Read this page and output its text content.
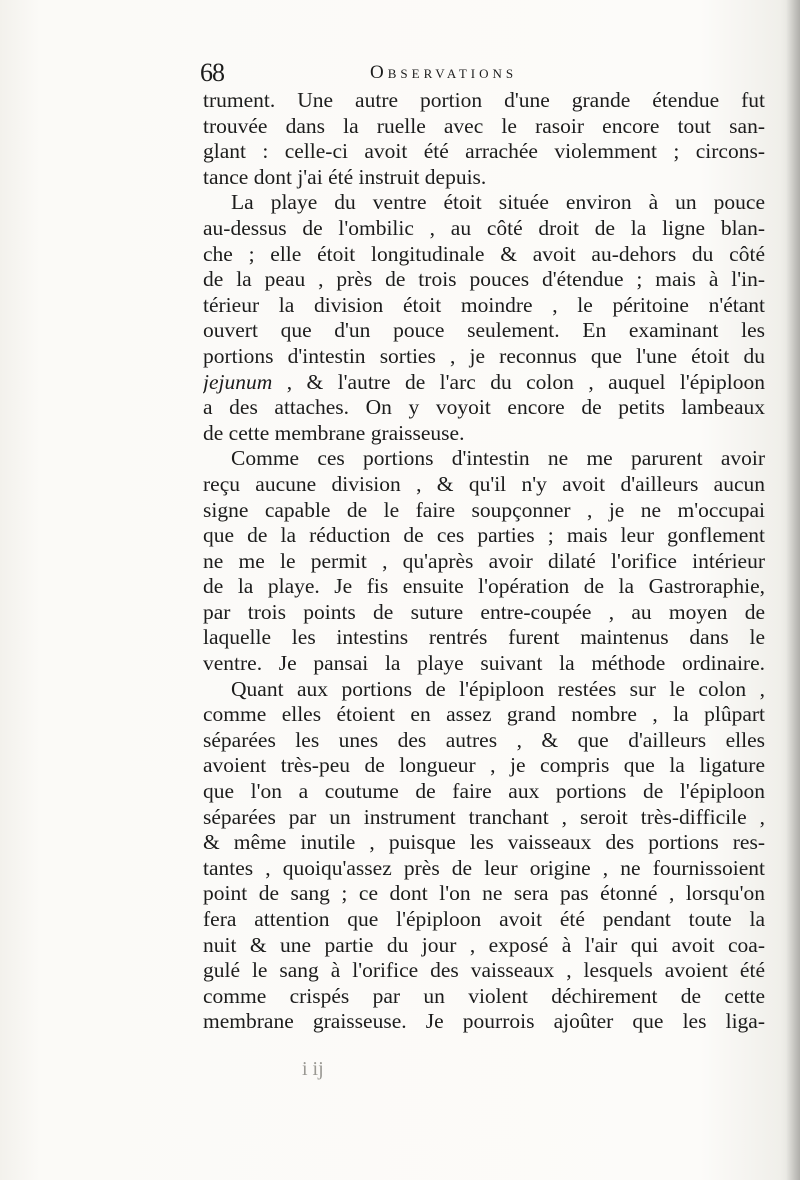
68	Observations
trument. Une autre portion d'une grande étendue fut
trouvée dans la ruelle avec le rasoir encore tout san-
glant : celle-ci avoit été arrachée violemment ; circons-
tance dont j'ai été instruit depuis.
La playe du ventre étoit située environ à un pouce
au-dessus de l'ombilic , au côté droit de la ligne blan-
che ; elle étoit longitudinale & avoit au-dehors du côté
de la peau , près de trois pouces d'étendue ; mais à l'in-
térieur la division étoit moindre , le péritoine n'étant
ouvert que d'un pouce seulement. En examinant les
portions d'intestin sorties , je reconnus que l'une étoit du
jejunum , & l'autre de l'arc du colon , auquel l'épiploon
a des attaches. On y voyoit encore de petits lambeaux
de cette membrane graisseuse.
Comme ces portions d'intestin ne me parurent avoir
reçu aucune division , & qu'il n'y avoit d'ailleurs aucun
signe capable de le faire soupçonner , je ne m'occupai
que de la réduction de ces parties ; mais leur gonflement
ne me le permit , qu'après avoir dilaté l'orifice intérieur
de la playe. Je fis ensuite l'opération de la Gastroraphie,
par trois points de suture entre-coupée , au moyen de
laquelle les intestins rentrés furent maintenus dans le
ventre. Je pansai la playe suivant la méthode ordinaire.
Quant aux portions de l'épiploon restées sur le colon ,
comme elles étoient en assez grand nombre , la plûpart
séparées les unes des autres , & que d'ailleurs elles
avoient très-peu de longueur , je compris que la ligature
que l'on a coutume de faire aux portions de l'épiploon
séparées par un instrument tranchant , seroit très-difficile ,
& même inutile , puisque les vaisseaux des portions res-
tantes , quoiqu'assez près de leur origine , ne fournissoient
point de sang ; ce dont l'on ne sera pas étonné , lorsqu'on
fera attention que l'épiploon avoit été pendant toute la
nuit & une partie du jour , exposé à l'air qui avoit coa-
gulé le sang à l'orifice des vaisseaux , lesquels avoient été
comme crispés par un violent déchirement de cette
membrane graisseuse. Je pourrois ajoûter que les liga-
i ij
